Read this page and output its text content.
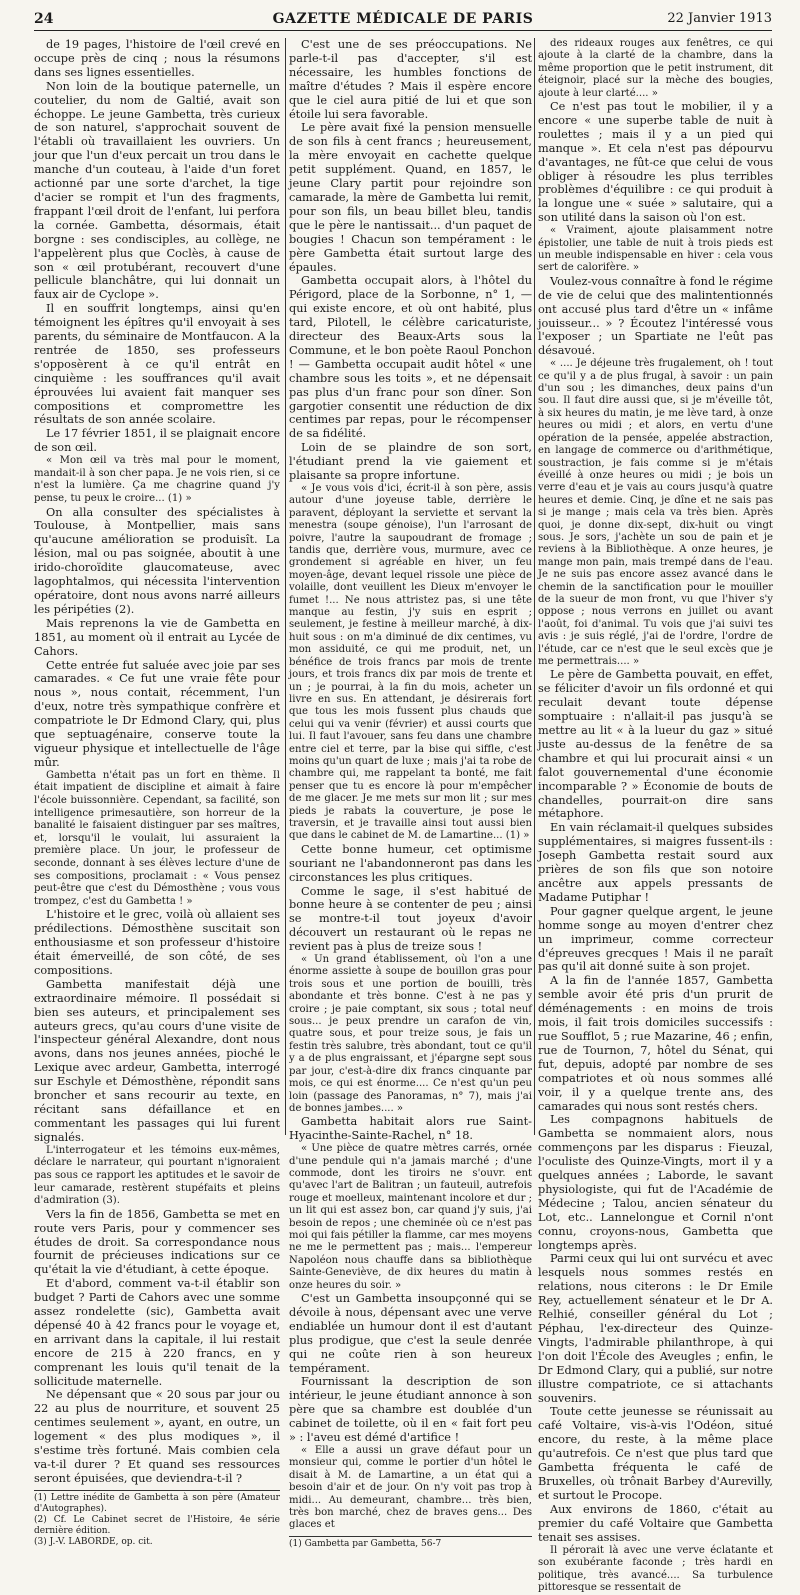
24	GAZETTE MÉDICALE DE PARIS	22 Janvier 1913

de 19 pages, l'histoire de l'œil crevé en occupe près de cinq ; nous la résumons dans ses lignes essentielles.

Non loin de la boutique paternelle, un coutelier, du nom de Galtié, avait son échoppe. Le jeune Gambetta, très curieux de son naturel, s'approchait souvent de l'établi où travaillaient les ouvriers. Un jour que l'un d'eux percait un trou dans le manche d'un couteau, à l'aide d'un foret actionné par une sorte d'archet, la tige d'acier se rompit et l'un des fragments, frappant l'œil droit de l'enfant, lui perfora la cornée. Gambetta, désormais, était borgne : ses condisciples, au collège, ne l'appelèrent plus que Coclès, à cause de son « œil protubérant, recouvert d'une pellicule blanchâtre, qui lui donnait un faux air de Cyclope ».

Il en souffrit longtemps, ainsi qu'en témoignent les épîtres qu'il envoyait à ses parents, du séminaire de Montfaucon. A la rentrée de 1850, ses professeurs s'opposèrent à ce qu'il entrât en cinquième : les souffrances qu'il avait éprouvées lui avaient fait manquer ses compositions et compromettre les résultats de son année scolaire.

Le 17 février 1851, il se plaignait encore de son œil.

« Mon œil va très mal pour le moment, mandait-il à son cher papa. Je ne vois rien, si ce n'est la lumière. Ça me chagrine quand j'y pense, tu peux le croire... (1) »

On alla consulter des spécialistes à Toulouse, à Montpellier, mais sans qu'aucune amélioration se produisît. La lésion, mal ou pas soignée, aboutit à une irido-choroïdite glaucomateuse, avec lagophtalmos, qui nécessita l'intervention opératoire, dont nous avons narré ailleurs les péripéties (2).

Mais reprenons la vie de Gambetta en 1851, au moment où il entrait au Lycée de Cahors.

Cette entrée fut saluée avec joie par ses camarades. « Ce fut une vraie fête pour nous », nous contait, récemment, l'un d'eux, notre très sympathique confrère et compatriote le Dr Edmond Clary, qui, plus que septuagénaire, conserve toute la vigueur physique et intellectuelle de l'âge mûr.

Gambetta n'était pas un fort en thème. Il était impatient de discipline et aimait à faire l'école buissonnière. Cependant, sa facilité, son intelligence primesautière, son horreur de la banalité le faisaient distinguer par ses maîtres, et, lorsqu'il le voulait, lui assuraient la première place. Un jour, le professeur de seconde, donnant à ses élèves lecture d'une de ses compositions, proclamait : « Vous pensez peut-être que c'est du Démosthène ; vous vous trompez, c'est du Gambetta ! »

L'histoire et le grec, voilà où allaient ses prédilections. Démosthène suscitait son enthousiasme et son professeur d'histoire était émerveillé, de son côté, de ses compositions.

Gambetta manifestait déjà une extraordinaire mémoire. Il possédait si bien ses auteurs, et principalement ses auteurs grecs, qu'au cours d'une visite de l'inspecteur général Alexandre, dont nous avons, dans nos jeunes années, pioché le Lexique avec ardeur, Gambetta, interrogé sur Eschyle et Démosthène, répondit sans broncher et sans recourir au texte, en récitant sans défaillance et en commentant les passages qui lui furent signalés.

L'interrogateur et les témoins eux-mêmes, déclare le narrateur, qui pourtant n'ignoraient pas sous ce rapport les aptitudes et le savoir de leur camarade, restèrent stupéfaits et pleins d'admiration (3).

Vers la fin de 1856, Gambetta se met en route vers Paris, pour y commencer ses études de droit. Sa correspondance nous fournit de précieuses indications sur ce qu'était la vie d'étudiant, à cette époque.

Et d'abord, comment va-t-il établir son budget ? Parti de Cahors avec une somme assez rondelette (sic), Gambetta avait dépensé 40 à 42 francs pour le voyage et, en arrivant dans la capitale, il lui restait encore de 215 à 220 francs, en y comprenant les louis qu'il tenait de la sollicitude maternelle.

Ne dépensant que « 20 sous par jour ou 22 au plus de nourriture, et souvent 25 centimes seulement », ayant, en outre, un logement « des plus modiques », il s'estime très fortuné. Mais combien cela va-t-il durer ? Et quand ses ressources seront épuisées, que deviendra-t-il ?

(1) Lettre inédite de Gambetta à son père (Amateur d'Autographes).

(2) Cf. Le Cabinet secret de l'Histoire, 4e série dernière édition.

(3) J.-V. LABORDE, op. cit.

C'est une de ses préoccupations. Ne parle-t-il pas d'accepter, s'il est nécessaire, les humbles fonctions de maître d'études ? Mais il espère encore que le ciel aura pitié de lui et que son étoile lui sera favorable.

Le père avait fixé la pension mensuelle de son fils à cent francs ; heureusement, la mère envoyait en cachette quelque petit supplément. Quand, en 1857, le jeune Clary partit pour rejoindre son camarade, la mère de Gambetta lui remit, pour son fils, un beau billet bleu, tandis que le père le nantissait... d'un paquet de bougies ! Chacun son tempérament : le père Gambetta était surtout large des épaules.

Gambetta occupait alors, à l'hôtel du Périgord, place de la Sorbonne, n° 1, — qui existe encore, et où ont habité, plus tard, Pilotell, le célèbre caricaturiste, directeur des Beaux-Arts sous la Commune, et le bon poète Raoul Ponchon ! — Gambetta occupait audit hôtel « une chambre sous les toits », et ne dépensait pas plus d'un franc pour son dîner. Son gargotier consentit une réduction de dix centimes par repas, pour le récompenser de sa fidélité.

Loin de se plaindre de son sort, l'étudiant prend la vie gaiement et plaisante sa propre infortune.

« Je vous vois d'ici, écrit-il à son père, assis autour d'une joyeuse table, derrière le paravent, déployant la serviette et servant la menestra (soupe génoise), l'un l'arrosant de poivre, l'autre la saupoudrant de fromage ; tandis que, derrière vous, murmure, avec ce grondement si agréable en hiver, un feu moyen-âge, devant lequel rissole une pièce de volaille, dont veuillent les Dieux m'envoyer le fumet !... Ne nous attristez pas, si une tête manque au festin, j'y suis en esprit ; seulement, je festine à meilleur marché, à dix-huit sous : on m'a diminué de dix centimes, vu mon assiduité, ce qui me produit, net, un bénéfice de trois francs par mois de trente jours, et trois francs dix par mois de trente et un ; je pourrai, à la fin du mois, acheter un livre en sus. En attendant, je désirerais fort que tous les mois fussent plus chauds que celui qui va venir (février) et aussi courts que lui. Il faut l'avouer, sans feu dans une chambre entre ciel et terre, par la bise qui siffle, c'est moins qu'un quart de luxe ; mais j'ai ta robe de chambre qui, me rappelant ta bonté, me fait penser que tu es encore là pour m'empêcher de me glacer. Je me mets sur mon lit ; sur mes pieds je rabats la couverture, je pose le traversin, et je travaille ainsi tout aussi bien que dans le cabinet de M. de Lamartine... (1) »

Cette bonne humeur, cet optimisme souriant ne l'abandonneront pas dans les circonstances les plus critiques.

Comme le sage, il s'est habitué de bonne heure à se contenter de peu ; ainsi se montre-t-il tout joyeux d'avoir découvert un restaurant où le repas ne revient pas à plus de treize sous !

« Un grand établissement, où l'on a une énorme assiette à soupe de bouillon gras pour trois sous et une portion de bouilli, très abondante et très bonne. C'est à ne pas y croire ; je paie comptant, six sous ; total neuf sous... je peux prendre un carafon de vin, quatre sous, et pour treize sous, je fais un festin très salubre, très abondant, tout ce qu'il y a de plus engraissant, et j'épargne sept sous par jour, c'est-à-dire dix francs cinquante par mois, ce qui est énorme.... Ce n'est qu'un peu loin (passage des Panoramas, n° 7), mais j'ai de bonnes jambes.... »

Gambetta habitait alors rue Saint-Hyacinthe-Sainte-Rachel, n° 18.

« Une pièce de quatre mètres carrés, ornée d'une pendule qui n'a jamais marché ; d'une commode, dont les tiroirs ne s'ouvr. ent qu'avec l'art de Balitran ; un fauteuil, autrefois rouge et moelleux, maintenant incolore et dur ; un lit qui est assez bon, car quand j'y suis, j'ai besoin de repos ; une cheminée où ce n'est pas moi qui fais pétiller la flamme, car mes moyens ne me le permettent pas ; mais... l'empereur Napoléon nous chauffe dans sa bibliothèque Sainte-Geneviève, de dix heures du matin à onze heures du soir. »

C'est un Gambetta insoupçonné qui se dévoile à nous, dépensant avec une verve endiablée un humour dont il est d'autant plus prodigue, que c'est la seule denrée qui ne coûte rien à son heureux tempérament.

Fournissant la description de son intérieur, le jeune étudiant annonce à son père que sa chambre est doublée d'un cabinet de toilette, où il en « fait fort peu » : l'aveu est démé d'artifice !

« Elle a aussi un grave défaut pour un monsieur qui, comme le portier d'un hôtel le disait à M. de Lamartine, a un état qui a besoin d'air et de jour. On n'y voit pas trop à midi... Au demeurant, chambre... très bien, très bon marché, chez de braves gens... Des glaces et

(1) Gambetta par Gambetta, 56-7

des rideaux rouges aux fenêtres, ce qui ajoute à la clarté de la chambre, dans la même proportion que le petit instrument, dit éteignoir, placé sur la mèche des bougies, ajoute à leur clarté.... »

Ce n'est pas tout le mobilier, il y a encore « une superbe table de nuit à roulettes ; mais il y a un pied qui manque ». Et cela n'est pas dépourvu d'avantages, ne fût-ce que celui de vous obliger à résoudre les plus terribles problèmes d'équilibre : ce qui produit à la longue une « suée » salutaire, qui a son utilité dans la saison où l'on est.

« Vraiment, ajoute plaisamment notre épistolier, une table de nuit à trois pieds est un meuble indispensable en hiver : cela vous sert de calorifère. »

Voulez-vous connaître à fond le régime de vie de celui que des malintentionnés ont accusé plus tard d'être un « infâme jouisseur... » ? Écoutez l'intéressé vous l'exposer ; un Spartiate ne l'eût pas désavoué.

« .... Je déjeune très frugalement, oh ! tout ce qu'il y a de plus frugal, à savoir : un pain d'un sou ; les dimanches, deux pains d'un sou. Il faut dire aussi que, si je m'éveille tôt, à six heures du matin, je me lève tard, à onze heures ou midi ; et alors, en vertu d'une opération de la pensée, appelée abstraction, en langage de commerce ou d'arithmétique, soustraction, je fais comme si je m'étais éveillé à onze heures ou midi ; je bois un verre d'eau et je vais au cours jusqu'à quatre heures et demie. Cinq, je dîne et ne sais pas si je mange ; mais cela va très bien. Après quoi, je donne dix-sept, dix-huit ou vingt sous. Je sors, j'achète un sou de pain et je reviens à la Bibliothèque. A onze heures, je mange mon pain, mais trempé dans de l'eau. Je ne suis pas encore assez avancé dans le chemin de la sanctification pour le mouiller de la sueur de mon front, vu que l'hiver s'y oppose ; nous verrons en juillet ou avant l'août, foi d'animal. Tu vois que j'ai suivi tes avis : je suis réglé, j'ai de l'ordre, l'ordre de l'étude, car ce n'est que le seul excès que je me permettrais.... »

Le père de Gambetta pouvait, en effet, se féliciter d'avoir un fils ordonné et qui reculait devant toute dépense somptuaire : n'allait-il pas jusqu'à se mettre au lit « à la lueur du gaz » situé juste au-dessus de la fenêtre de sa chambre et qui lui procurait ainsi « un falot gouvernemental d'une économie incomparable ? » Économie de bouts de chandelles, pourrait-on dire sans métaphore.

En vain réclamait-il quelques subsides supplémentaires, si maigres fussent-ils : Joseph Gambetta restait sourd aux prières de son fils que son notoire ancêtre aux appels pressants de Madame Putiphar !

Pour gagner quelque argent, le jeune homme songe au moyen d'entrer chez un imprimeur, comme correcteur d'épreuves grecques ! Mais il ne paraît pas qu'il ait donné suite à son projet.

A la fin de l'année 1857, Gambetta semble avoir été pris d'un prurit de déménagements : en moins de trois mois, il fait trois domiciles successifs : rue Soufflot, 5 ; rue Mazarine, 46 ; enfin, rue de Tournon, 7, hôtel du Sénat, qui fut, depuis, adopté par nombre de ses compatriotes et où nous sommes allé voir, il y a quelque trente ans, des camarades qui nous sont restés chers.

Les compagnons habituels de Gambetta se nommaient alors, nous commençons par les disparus : Fieuzal, l'oculiste des Quinze-Vingts, mort il y a quelques années ; Laborde, le savant physiologiste, qui fut de l'Académie de Médecine ; Talou, ancien sénateur du Lot, etc.. Lannelongue et Cornil n'ont connu, croyons-nous, Gambetta que longtemps après.

Parmi ceux qui lui ont survécu et avec lesquels nous sommes restés en relations, nous citerons : le Dr Emile Rey, actuellement sénateur et le Dr A. Relhié, conseiller général du Lot ; Péphau, l'ex-directeur des Quinze-Vingts, l'admirable philanthrope, à qui l'on doit l'École des Aveugles ; enfin, le Dr Edmond Clary, qui a publié, sur notre illustre compatriote, ce si attachants souvenirs.

Toute cette jeunesse se réunissait au café Voltaire, vis-à-vis l'Odéon, situé encore, du reste, à la même place qu'autrefois. Ce n'est que plus tard que Gambetta fréquenta le café de Bruxelles, où trônait Barbey d'Aurevilly, et surtout le Procope.

Aux environs de 1860, c'était au premier du café Voltaire que Gambetta tenait ses assises.

Il pérorait là avec une verve éclatante et son exubérante faconde ; très hardi en politique, très avancé.... Sa turbulence pittoresque se ressentait de
